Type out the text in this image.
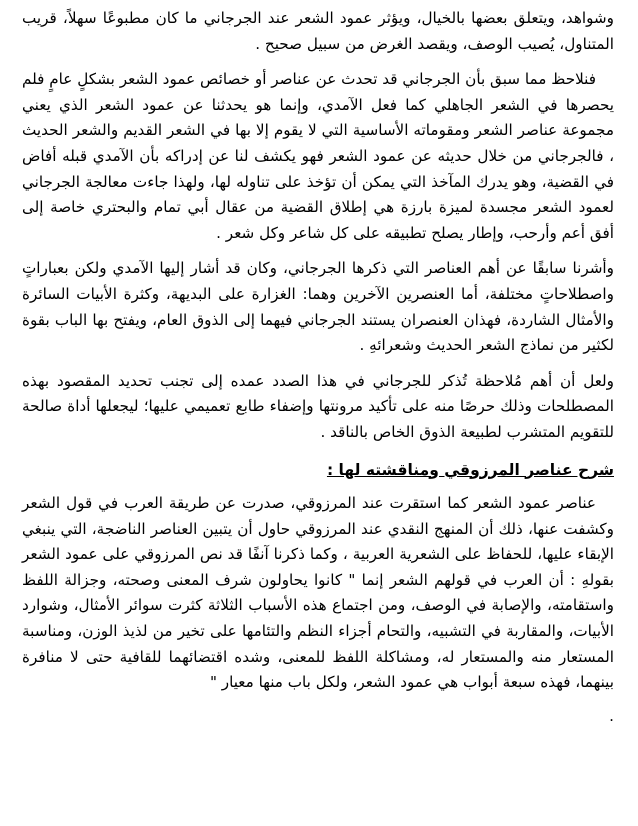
وشواهد، ويتعلق بعضها بالخيال، ويؤثر عمود الشعر عند الجرجاني ما كان مطبوعًا سهلاً، قريب المتناول، يُصيب الوصف، ويقصد الغرض من سبيل صحيح .

فنلاحظ مما سبق بأن الجرجاني قد تحدث عن عناصر أو خصائص عمود الشعر بشكلٍ عامٍ فلم يحصرها في الشعر الجاهلي كما فعل الآمدي، وإنما هو يحدثنا عن عمود الشعر الذي يعني مجموعة عناصر الشعر ومقوماته الأساسية التي لا يقوم إلا بها في الشعر القديم والشعر الحديث ، فالجرجاني من خلال حديثه عن عمود الشعر فهو يكشف لنا عن إدراكه بأن الآمدي قبله أفاض في القضية، وهو يدرك المآخذ التي يمكن أن تؤخذ على تناوله لها، ولهذا جاءت معالجة الجرجاني لعمود الشعر مجسدة لميزة بارزة هي إطلاق القضية من عقال أبي تمام والبحتري خاصة إلى أفق أعم وأرحب، وإطار يصلح تطبيقه على كل شاعر وكل شعر .

وأشرنا سابقًا عن أهم العناصر التي ذكرها الجرجاني، وكان قد أشار إليها الآمدي ولكن بعباراتٍ واصطلاحاتٍ مختلفة، أما العنصرين الآخرين وهما: الغزارة على البديهة، وكثرة الأبيات السائرة والأمثال الشاردة، فهذان العنصران يستند الجرجاني فيهما إلى الذوق العام، ويفتح بها الباب بقوة لكثير من نماذج الشعر الحديث وشعرائهِ .

ولعل أن أهم مُلاحظة تُذكر للجرجاني في هذا الصدد عمده إلى تجنب تحديد المقصود بهذه المصطلحات وذلك حرصًا منه على تأكيد مرونتها وإضفاء طابع تعميمي عليها؛ ليجعلها أداة صالحة للتقويم المتشرب لطبيعة الذوق الخاص بالناقد .

شرح عناصر المرزوقي ومناقشته لها :

عناصر عمود الشعر كما استقرت عند المرزوقي، صدرت عن طريقة العرب في قول الشعر وكشفت عنها، ذلك أن المنهج النقدي عند المرزوقي حاول أن يتبين العناصر الناضجة، التي ينبغي الإبقاء عليها، للحفاظ على الشعرية العربية ، وكما ذكرنا آنفًا قد نص المرزوقي على عمود الشعر بقولهِ : أن العرب في قولهم الشعر إنما " كانوا يحاولون شرف المعنى وصحته، وجزالة اللفظ واستقامته، والإصابة في الوصف، ومن اجتماع هذه الأسباب الثلاثة كثرت سوائر الأمثال، وشوارد الأبيات، والمقاربة في التشبيه، والتحام أجزاء النظم والتئامها على تخير من لذيذ الوزن، ومناسبة المستعار منه والمستعار له، ومشاكلة اللفظ للمعنى، وشده اقتضائهما للقافية حتى لا منافرة بينهما، فهذه سبعة أبواب هي عمود الشعر، ولكل باب منها معيار "

.
